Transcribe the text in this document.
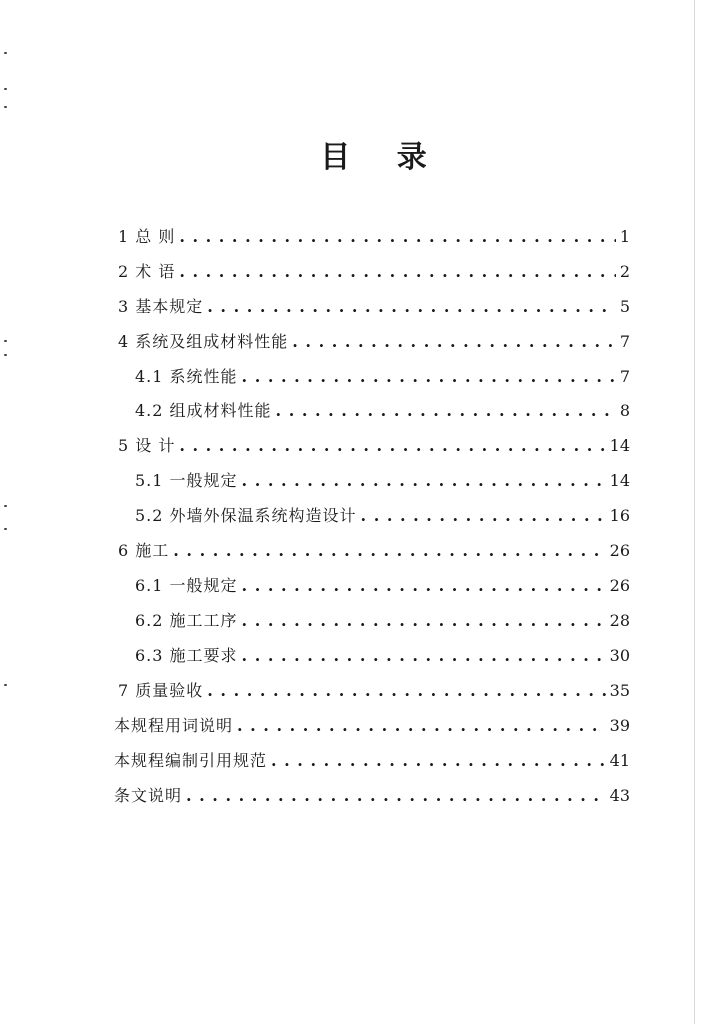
目 录
1 总 则 . . .	1
2 术 语 . . .	2
3 基本规定 . . .	5
4 系统及组成材料性能 . . .	7
4.1 系统性能 . . .	7
4.2 组成材料性能 . . .	8
5 设 计 . . .	14
5.1 一般规定 . . .	14
5.2 外墙外保温系统构造设计 . . .	16
6 施工 . . .	26
6.1 一般规定 . . .	26
6.2 施工工序 . . .	28
6.3 施工要求 . . .	30
7 质量验收 . . .	35
本规程用词说明 . . .	39
本规程编制引用规范 . . .	41
条文说明 . . .	43
